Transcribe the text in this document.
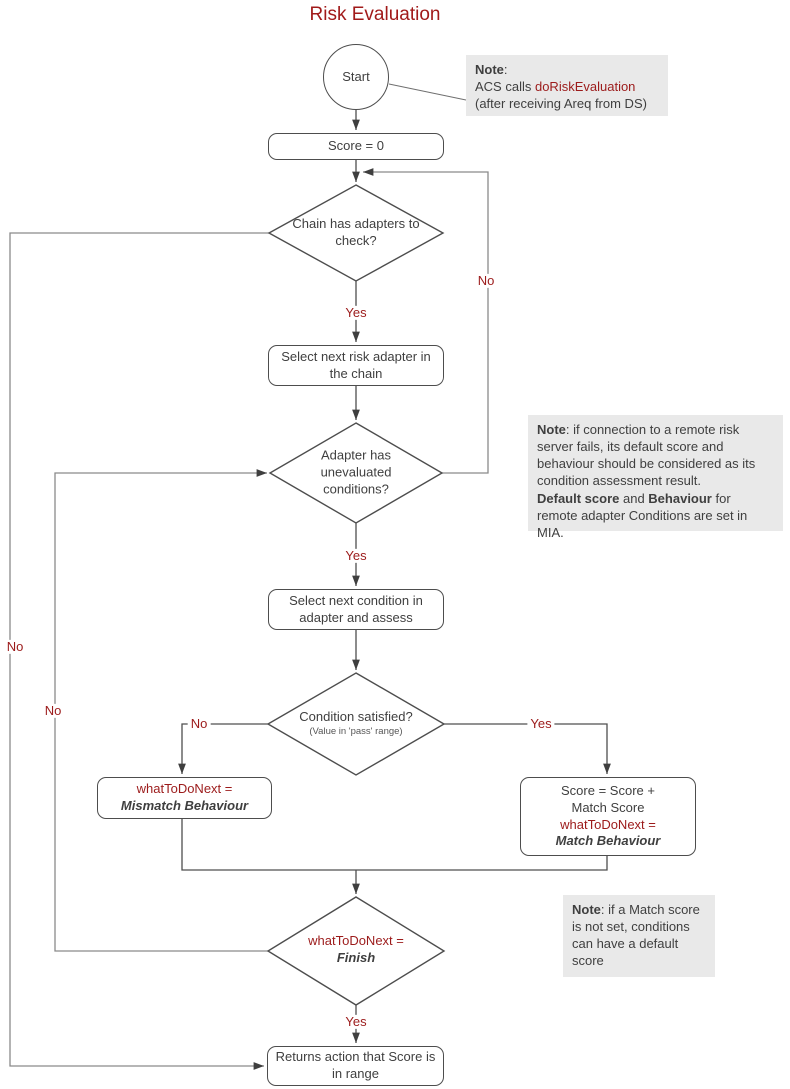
Risk Evaluation
Start
Score = 0
Select next risk adapter in the chain
Select next condition in adapter and assess
whatToDoNext =
Mismatch Behaviour
Score = Score + Match Score
whatToDoNext =
Match Behaviour
Returns action that Score is in range
Chain has adapters to check?
Adapter has unevaluated conditions?
Condition satisfied?
(Value in 'pass' range)
whatToDoNext =
Finish
Yes
No
Yes
No
Yes
No
Yes
No
Note:
ACS calls doRiskEvaluation
(after receiving Areq from DS)
Note: if connection to a remote risk server fails, its default score and behaviour should be considered as its condition assessment result.
Default score and Behaviour for remote adapter Conditions are set in MIA.
Note: if a Match score is not set, conditions can have a default score
